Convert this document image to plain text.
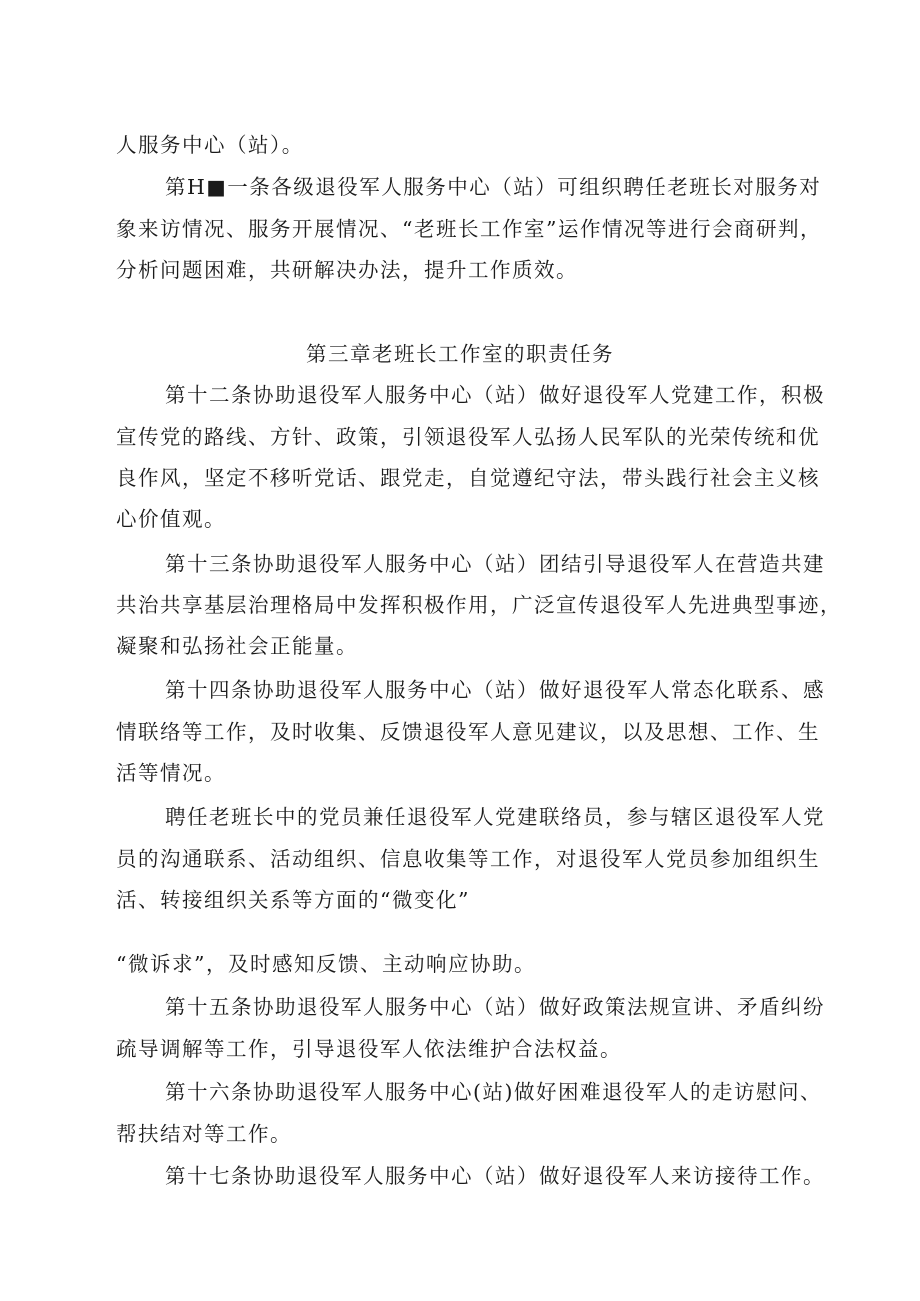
人服务中心（站）。
第H■一条各级退役军人服务中心（站）可组织聘任老班长对服务对
象来访情况、服务开展情况、“老班长工作室”运作情况等进行会商研判，
分析问题困难，共研解决办法，提升工作质效。
第三章老班长工作室的职责任务
第十二条协助退役军人服务中心（站）做好退役军人党建工作，积极
宣传党的路线、方针、政策，引领退役军人弘扬人民军队的光荣传统和优
良作风，坚定不移听党话、跟党走，自觉遵纪守法，带头践行社会主义核
心价值观。
第十三条协助退役军人服务中心（站）团结引导退役军人在营造共建
共治共享基层治理格局中发挥积极作用，广泛宣传退役军人先进典型事迹，
凝聚和弘扬社会正能量。
第十四条协助退役军人服务中心（站）做好退役军人常态化联系、感
情联络等工作，及时收集、反馈退役军人意见建议，以及思想、工作、生
活等情况。
聘任老班长中的党员兼任退役军人党建联络员，参与辖区退役军人党
员的沟通联系、活动组织、信息收集等工作，对退役军人党员参加组织生
活、转接组织关系等方面的“微变化”
“微诉求”，及时感知反馈、主动响应协助。
第十五条协助退役军人服务中心（站）做好政策法规宣讲、矛盾纠纷
疏导调解等工作，引导退役军人依法维护合法权益。
第十六条协助退役军人服务中心(站)做好困难退役军人的走访慰问、
帮扶结对等工作。
第十七条协助退役军人服务中心（站）做好退役军人来访接待工作。
